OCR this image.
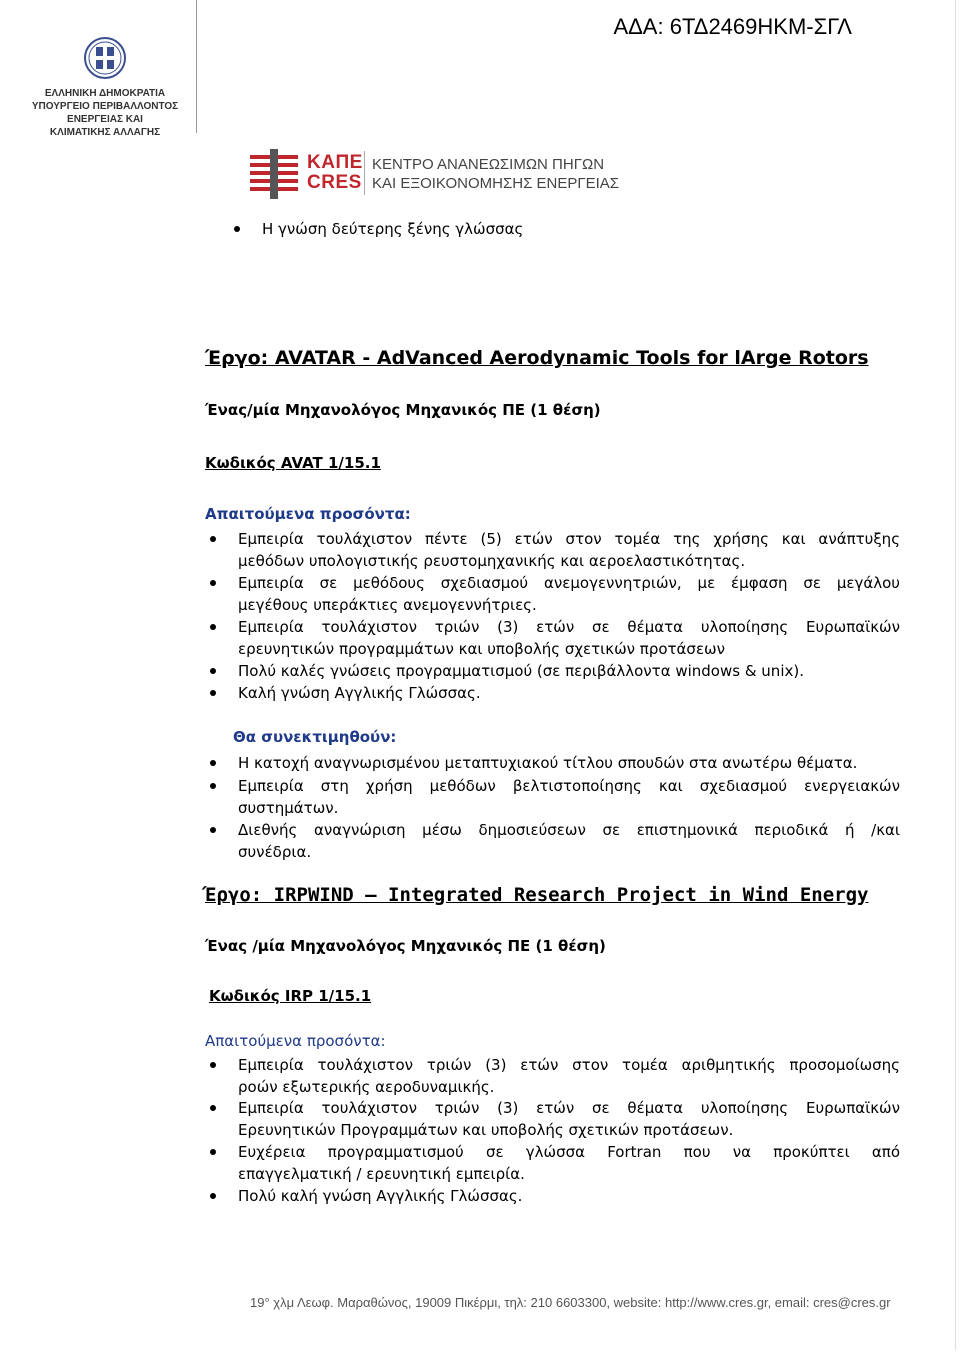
ΑΔΑ: 6ΤΔ2469ΗΚΜ-ΣΓΛ
ΕΛΛΗΝΙΚΗ ΔΗΜΟΚΡΑΤΙΑ
ΥΠΟΥΡΓΕΙΟ ΠΕΡΙΒΑΛΛΟΝΤΟΣ
ΕΝΕΡΓΕΙΑΣ ΚΑΙ
ΚΛΙΜΑΤΙΚΗΣ ΑΛΛΑΓΗΣ
ΚΑΠΕ
CRES
ΚΕΝΤΡΟ ΑΝΑΝΕΩΣΙΜΩΝ ΠΗΓΩΝ
ΚΑΙ ΕΞΟΙΚΟΝΟΜΗΣΗΣ ΕΝΕΡΓΕΙΑΣ
Η γνώση δεύτερης ξένης γλώσσας
Έργο: AVATAR - AdVanced Aerodynamic Tools for lArge Rotors
Ένας/μία Μηχανολόγος Μηχανικός ΠΕ (1 θέση)
Κωδικός AVAT 1/15.1
Απαιτούμενα προσόντα:
Εμπειρία τουλάχιστον πέντε (5) ετών στον τομέα της χρήσης και ανάπτυξης
μεθόδων υπολογιστικής ρευστομηχανικής και αεροελαστικότητας.
Εμπειρία σε μεθόδους σχεδιασμού ανεμογεννητριών, με έμφαση σε μεγάλου
μεγέθους υπεράκτιες ανεμογεννήτριες.
Εμπειρία τουλάχιστον τριών (3) ετών σε θέματα υλοποίησης Ευρωπαϊκών
ερευνητικών προγραμμάτων και υποβολής σχετικών προτάσεων
Πολύ καλές γνώσεις προγραμματισμού (σε περιβάλλοντα windows & unix).
Καλή γνώση Αγγλικής Γλώσσας.
Θα συνεκτιμηθούν:
Η κατοχή αναγνωρισμένου μεταπτυχιακού τίτλου σπουδών στα ανωτέρω θέματα.
Εμπειρία στη χρήση μεθόδων βελτιστοποίησης και σχεδιασμού ενεργειακών
συστημάτων.
Διεθνής αναγνώριση μέσω δημοσιεύσεων σε επιστημονικά περιοδικά ή /και
συνέδρια.
Έργο: IRPWIND — Integrated Research Project in Wind Energy
Ένας /μία Μηχανολόγος Μηχανικός ΠΕ (1 θέση)
Κωδικός IRP 1/15.1
Απαιτούμενα προσόντα:
Εμπειρία τουλάχιστον τριών (3) ετών στον τομέα αριθμητικής προσομοίωσης
ροών εξωτερικής αεροδυναμικής.
Εμπειρία τουλάχιστον τριών (3) ετών σε θέματα υλοποίησης Ευρωπαϊκών
Ερευνητικών Προγραμμάτων και υποβολής σχετικών προτάσεων.
Ευχέρεια προγραμματισμού σε γλώσσα Fortran που να προκύπτει από
επαγγελματική / ερευνητική εμπειρία.
Πολύ καλή γνώση Αγγλικής Γλώσσας.
19° χλμ Λεωφ. Μαραθώνος, 19009 Πικέρμι, τηλ: 210 6603300, website: http://www.cres.gr, email: cres@cres.gr
